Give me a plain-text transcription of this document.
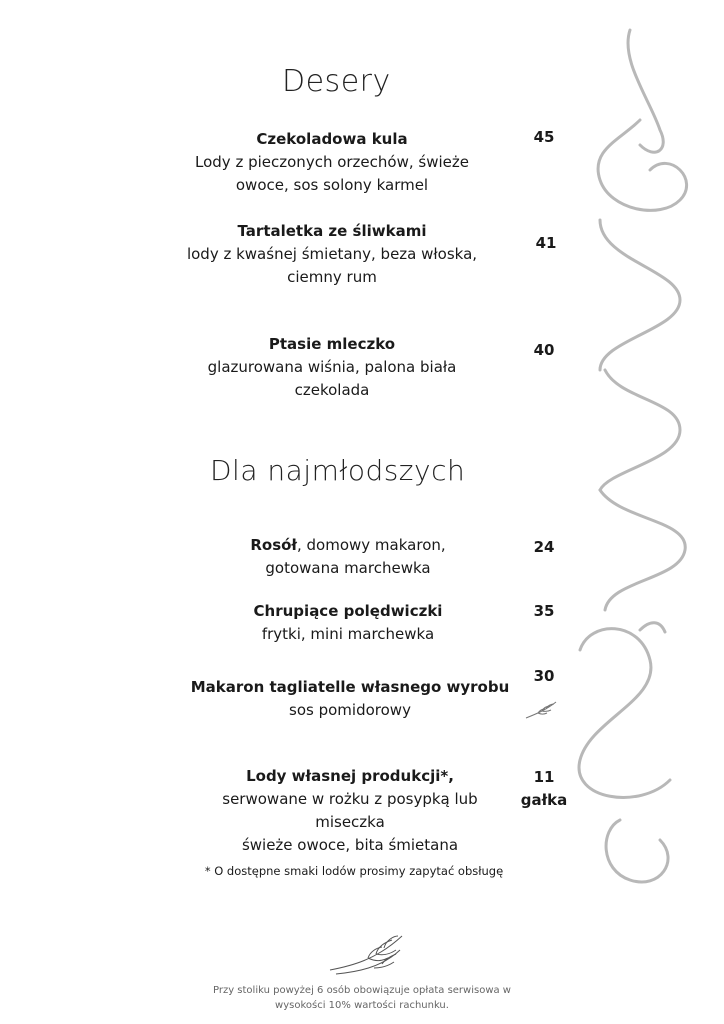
Desery
Czekoladowa kula
Lody z pieczonych orzechów, świeże
owoce, sos solony karmel
45
Tartaletka ze śliwkami
lody z kwaśnej śmietany, beza włoska,
ciemny rum
41
Ptasie mleczko
glazurowana wiśnia, palona biała
czekolada
40
Dla najmłodszych
Rosół, domowy makaron,
gotowana marchewka
24
Chrupiące polędwiczki
frytki, mini marchewka
35
Makaron tagliatelle własnego wyrobu
sos pomidorowy
30
Lody własnej produkcji*,
serwowane w rożku z posypką lub
miseczka
świeże owoce, bita śmietana
11
gałka
* O dostępne smaki lodów prosimy zapytać obsługę
Przy stoliku powyżej 6 osób obowiązuje opłata serwisowa w
wysokości 10% wartości rachunku.
